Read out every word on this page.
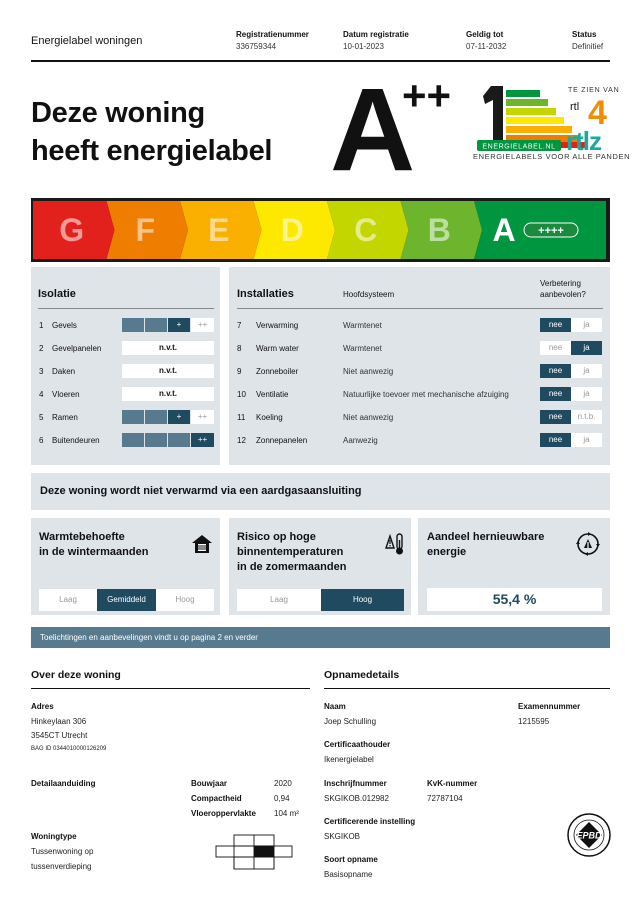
Energielabel woningen
Registratienummer
336759344
Datum registratie
10-01-2023
Geldig tot
07-11-2032
Status
Definitief
Deze woning
heeft energielabel A
++
ENERGIELABEL.NL
ENERGIELABELS VOOR ALLE PANDEN
TE ZIEN VAN
rtl 4
rtlz
G F E D C B A ++++
Isolatie
1 Gevels	+	++
2 Gevelpanelen	n.v.t.
3 Daken	n.v.t.
4 Vloeren	n.v.t.
5 Ramen	+	++
6 Buitendeuren	++
Installaties	Hoofdsysteem
Verbetering
aanbevolen?
7 Verwarming	Warmtenet	nee	ja
8 Warm water	Warmtenet	nee	ja
9 Zonneboiler	Niet aanwezig	nee	ja
10 Ventilatie	Natuurlijke toevoer met mechanische afzuiging	nee	ja
11 Koeling	Niet aanwezig	nee	n.t.b.
12 Zonnepanelen	Aanwezig	nee	ja
Deze woning wordt niet verwarmd via een aardgasaansluiting
Warmtebehoefte
in de wintermaanden
Laag	Gemiddeld	Hoog
Risico op hoge
binnentemperaturen
in de zomermaanden
Laag	Hoog
Aandeel hernieuwbare
energie
55,4 %
Toelichtingen en aanbevelingen vindt u op pagina 2 en verder
Over deze woning
Adres
Hinkeylaan 306
3545CT Utrecht
BAG ID 0344010000126209
Detailaanduiding	Bouwjaar	2020
Compactheid	0,94
Vloeroppervlakte 104 m²
Woningtype
Tussenwoning op
tussenverdieping
Opnamedetails
Naam
Joep Schulling
Examennummer
1215595
Certificaathouder
Ikenergielabel
Inschrijfnummer
SKGIKOB.012982
KvK-nummer
72787104
Certificerende instelling
SKGIKOB
Soort opname
Basisopname
EPBD
